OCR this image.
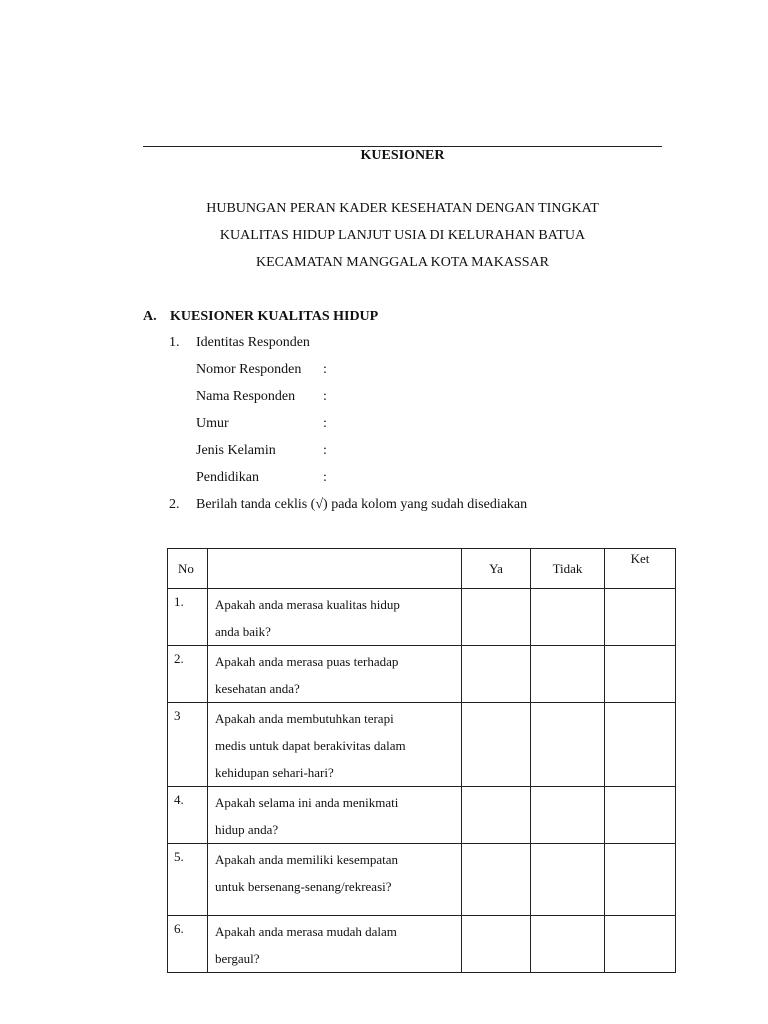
KUESIONER
HUBUNGAN PERAN KADER KESEHATAN DENGAN TINGKAT
KUALITAS HIDUP LANJUT USIA DI KELURAHAN BATUA
KECAMATAN MANGGALA KOTA MAKASSAR
A. KUESIONER KUALITAS HIDUP
1. Identitas Responden
Nomor Responden :
Nama Responden :
Umur	:
Jenis Kelamin	:
Pendidikan	:
2. Berilah tanda ceklis (√) pada kolom yang sudah disediakan
No		Ya	Tidak	Ket
1.	Apakah anda merasa kualitas hidup
anda baik?			

2.	Apakah anda merasa puas terhadap
kesehatan anda?			

3	Apakah anda membutuhkan terapi
medis untuk dapat berakivitas dalam
kehidupan sehari-hari?			

4.	Apakah selama ini anda menikmati
hidup anda?			

5.	Apakah anda memiliki kesempatan
untuk bersenang-senang/rekreasi?			

6.	Apakah anda merasa mudah dalam
bergaul?			
